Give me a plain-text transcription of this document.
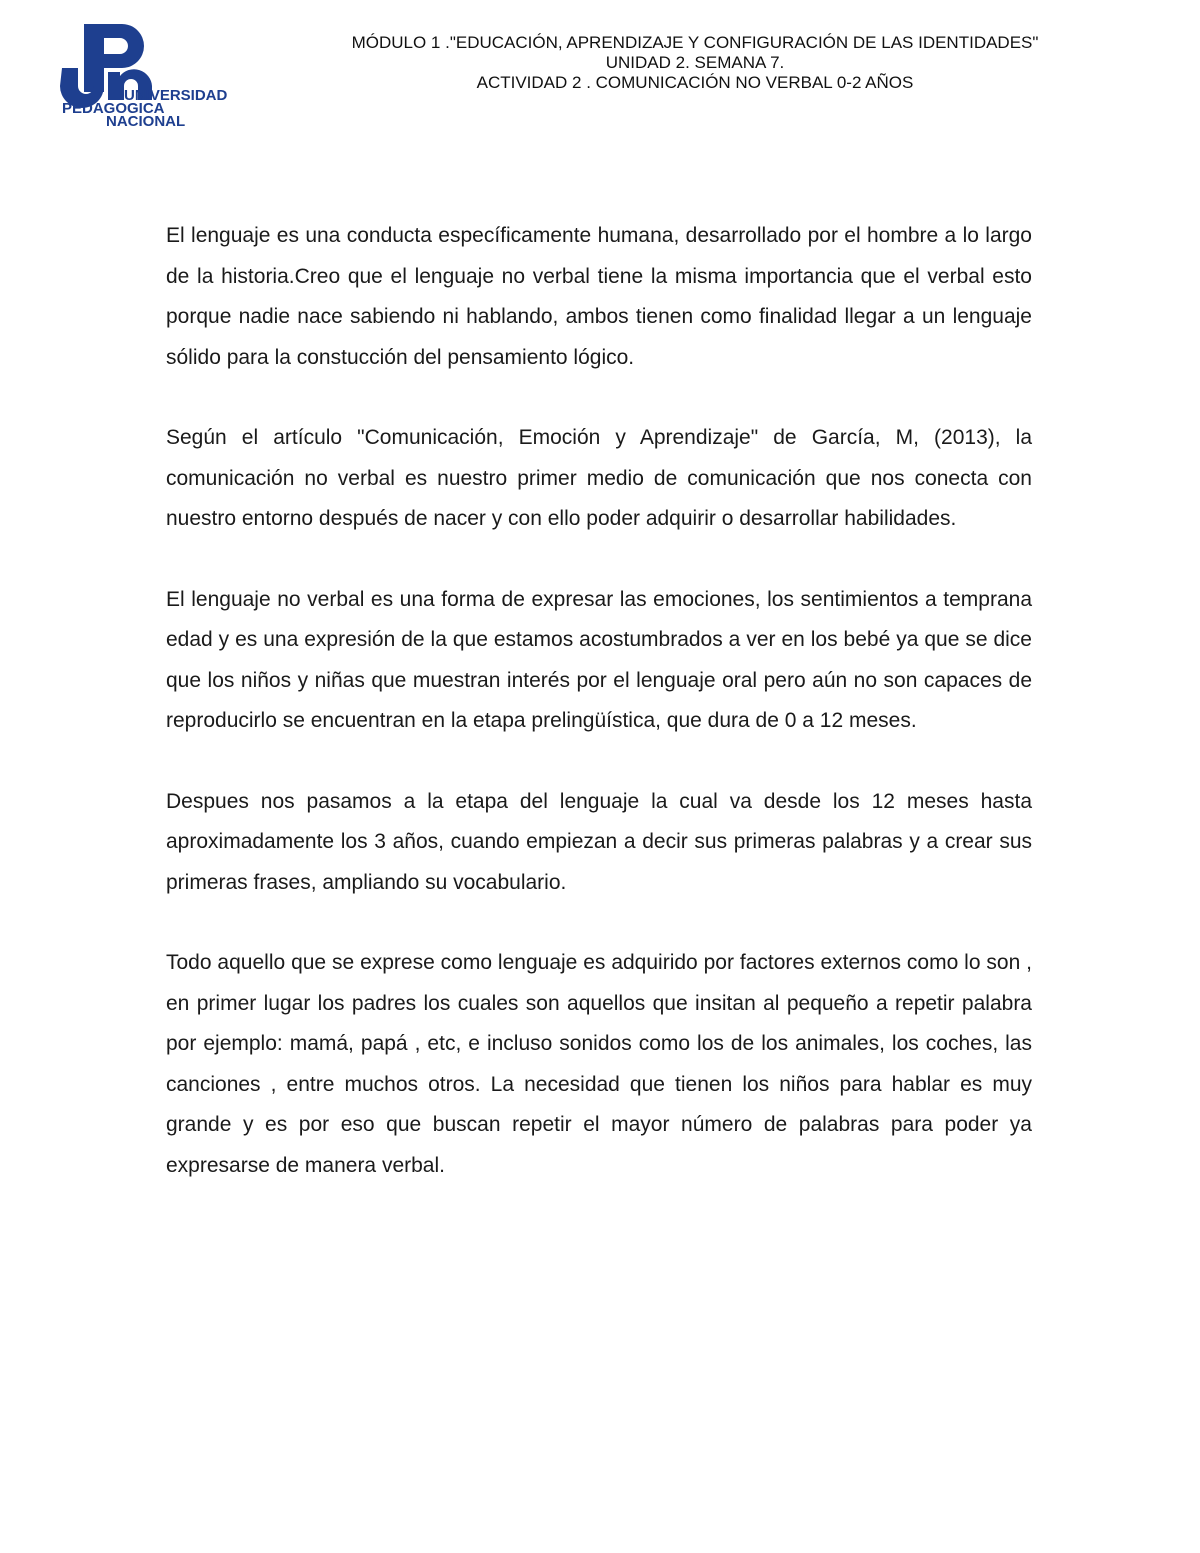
UNIVERSIDAD
PEDAGOGICA
NACIONAL
MÓDULO 1 ."EDUCACIÓN, APRENDIZAJE Y CONFIGURACIÓN DE LAS IDENTIDADES"
UNIDAD 2. SEMANA 7.
ACTIVIDAD 2 . COMUNICACIÓN NO VERBAL 0-2 AÑOS

El lenguaje es una conducta específicamente humana, desarrollado por el hombre a lo largo de la historia.Creo que el lenguaje no verbal tiene la misma importancia que el verbal esto porque nadie nace sabiendo ni hablando, ambos tienen como finalidad llegar a un lenguaje sólido para la constucción del pensamiento lógico.

Según el artículo "Comunicación, Emoción y Aprendizaje" de García, M, (2013), la comunicación no verbal es nuestro primer medio de comunicación que nos conecta con nuestro entorno después de nacer y con ello poder adquirir o desarrollar habilidades.

El lenguaje no verbal es una forma de expresar las emociones, los sentimientos a temprana edad y es una expresión de la que estamos acostumbrados a ver en los bebé ya que se dice que los niños y niñas que muestran interés por el lenguaje oral pero aún no son capaces de reproducirlo se encuentran en la etapa prelingüística, que dura de 0 a 12 meses.

Despues nos pasamos a la etapa del lenguaje la cual va desde los 12 meses hasta aproximadamente los 3 años, cuando empiezan a decir sus primeras palabras y a crear sus primeras frases, ampliando su vocabulario.

Todo aquello que se exprese como lenguaje es adquirido por factores externos como lo son , en primer lugar los padres los cuales son aquellos que insitan al pequeño a repetir palabra por ejemplo: mamá, papá , etc, e incluso sonidos como los de los animales, los coches, las canciones , entre muchos otros. La necesidad que tienen los niños para hablar es muy grande y es por eso que buscan repetir el mayor número de palabras para poder ya expresarse de manera verbal.
